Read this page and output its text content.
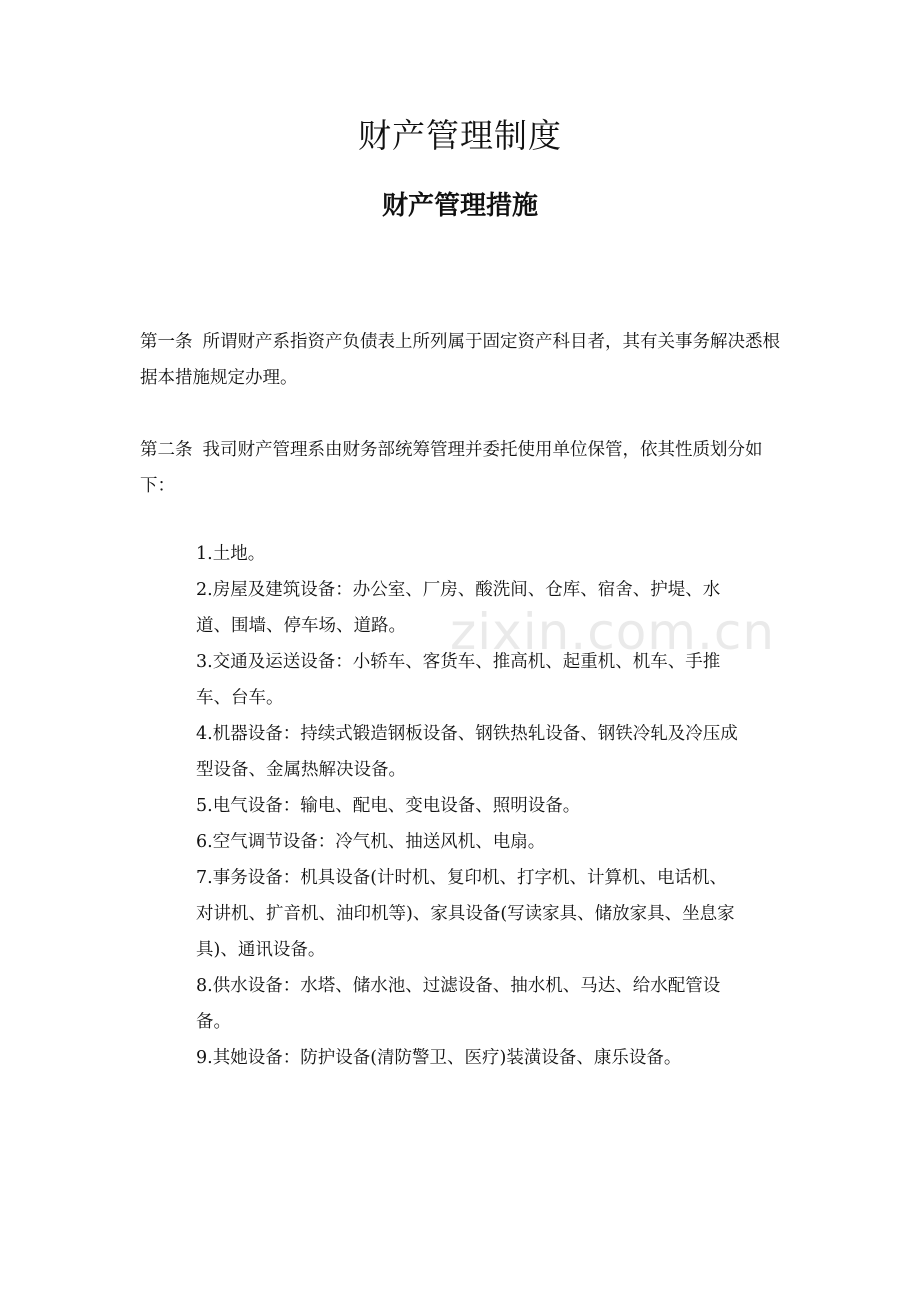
财产管理制度
财产管理措施

第一条 所谓财产系指资产负债表上所列属于固定资产科目者，其有关事务解决悉根据本措施规定办理。

第二条 我司财产管理系由财务部统筹管理并委托使用单位保管，依其性质划分如下：

1.土地。
2.房屋及建筑设备：办公室、厂房、酸洗间、仓库、宿舍、护堤、水道、围墙、停车场、道路。
3.交通及运送设备：小轿车、客货车、推高机、起重机、机车、手推车、台车。
4.机器设备：持续式锻造钢板设备、钢铁热轧设备、钢铁冷轧及冷压成型设备、金属热解决设备。
5.电气设备：输电、配电、变电设备、照明设备。
6.空气调节设备：冷气机、抽送风机、电扇。
7.事务设备：机具设备(计时机、复印机、打字机、计算机、电话机、对讲机、扩音机、油印机等)、家具设备(写读家具、储放家具、坐息家具)、通讯设备。
8.供水设备：水塔、储水池、过滤设备、抽水机、马达、给水配管设备。
9.其她设备：防护设备(清防警卫、医疗)装潢设备、康乐设备。
zixin.com.cn
